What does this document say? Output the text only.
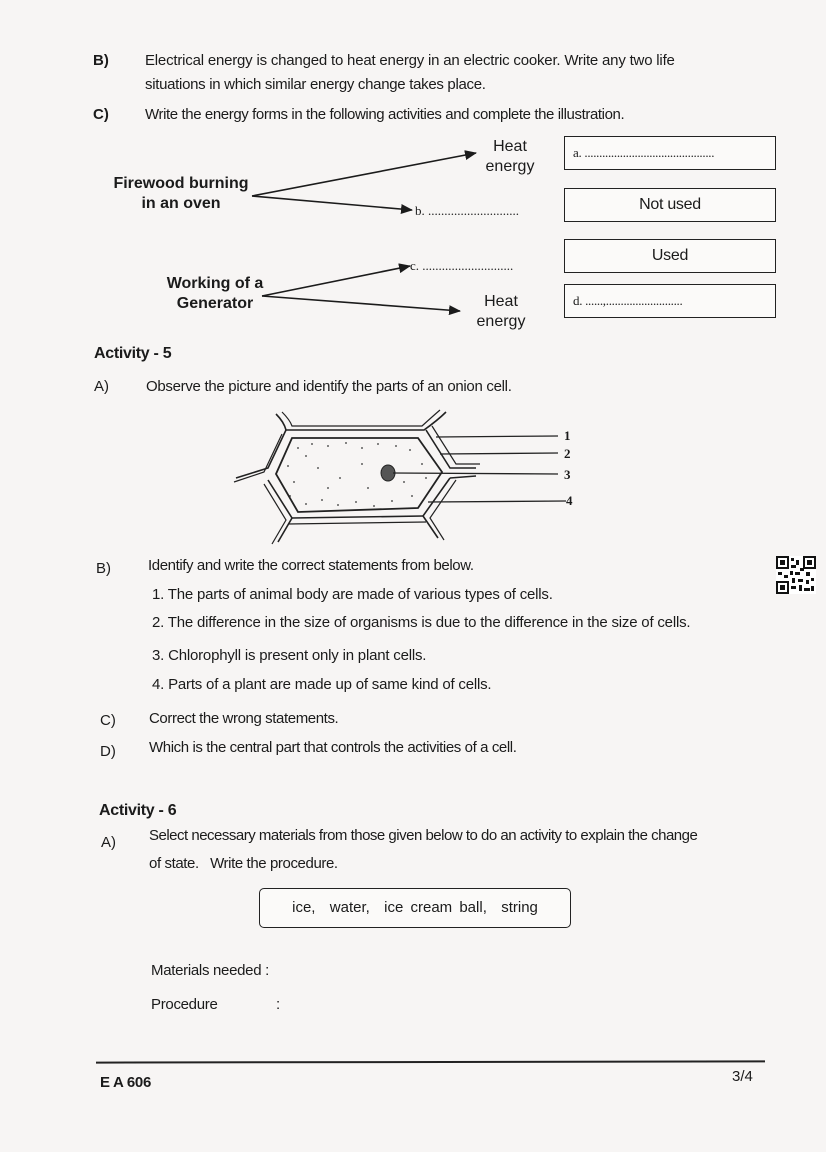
B) Electrical energy is changed to heat energy in an electric cooker. Write any two life
situations in which similar energy change takes place.
C) Write the energy forms in the following activities and complete the illustration.
Firewood burning
in an oven
Heat
energy
b. ............................
Working of a
Generator
c. ............................
Heat
energy
a. ............................................
Not used
Used
d. ......,..........................
Activity - 5
A) Observe the picture and identify the parts of an onion cell.
1
2
3
4
B) Identify and write the correct statements from below.
1. The parts of animal body are made of various types of cells.
2. The difference in the size of organisms is due to the difference in the size of cells.
3. Chlorophyll is present only in plant cells.
4. Parts of a plant are made up of same kind of cells.
C) Correct the wrong statements.
D) Which is the central part that controls the activities of a cell.
Activity - 6
A) Select necessary materials from those given below to do an activity to explain the change
of state.   Write the procedure.
ice,  water,  ice cream ball,  string
Materials needed :
Procedure	:
E A 606	3/4
